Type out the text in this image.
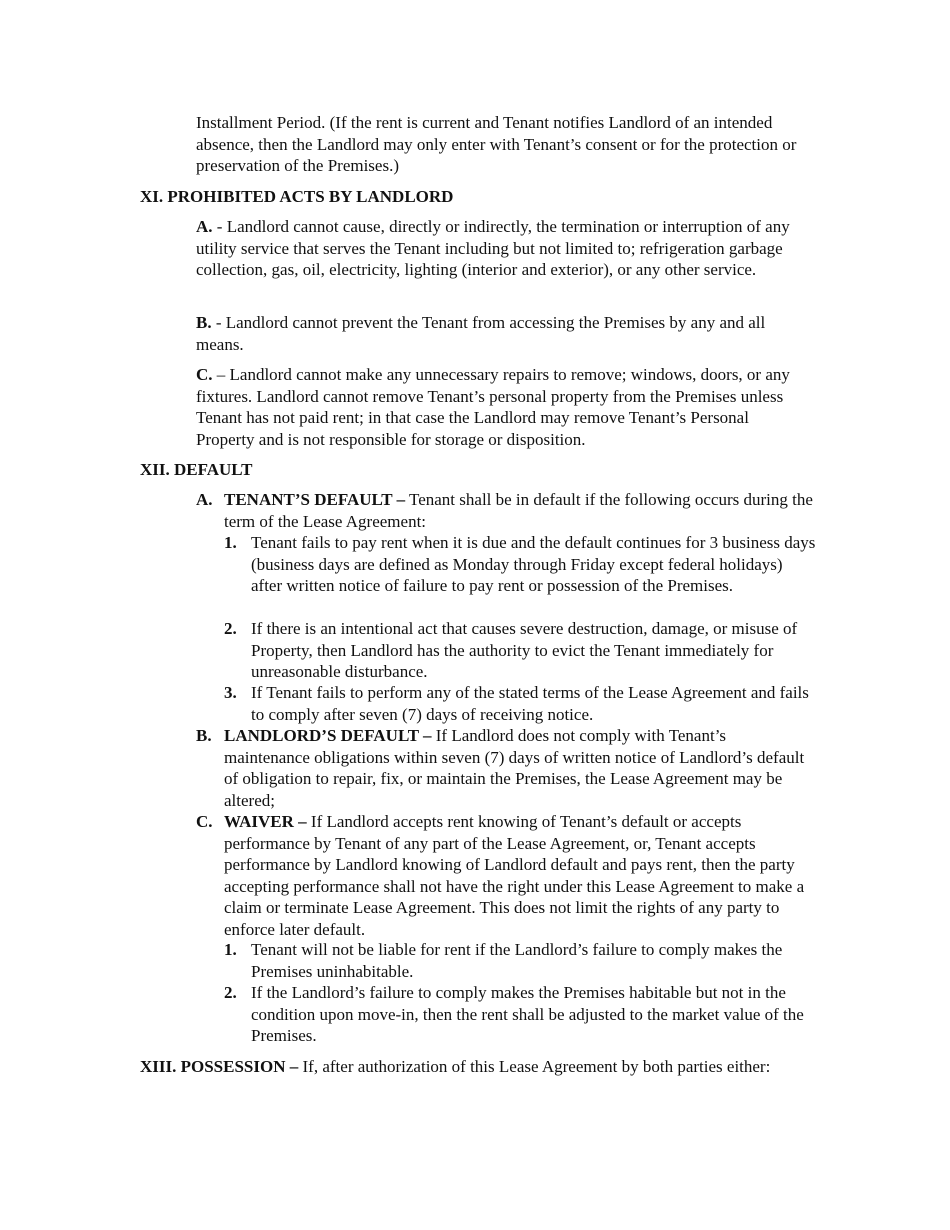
Installment Period. (If the rent is current and Tenant notifies Landlord of an intended absence, then the Landlord may only enter with Tenant’s consent or for the protection or preservation of the Premises.)

XI. PROHIBITED ACTS BY LANDLORD

A. - Landlord cannot cause, directly or indirectly, the termination or interruption of any utility service that serves the Tenant including but not limited to; refrigeration garbage collection, gas, oil, electricity, lighting (interior and exterior), or any other service.

B. - Landlord cannot prevent the Tenant from accessing the Premises by any and all means.

C. – Landlord cannot make any unnecessary repairs to remove; windows, doors, or any fixtures. Landlord cannot remove Tenant’s personal property from the Premises unless Tenant has not paid rent; in that case the Landlord may remove Tenant’s Personal Property and is not responsible for storage or disposition.

XII. DEFAULT
A. TENANT’S DEFAULT – Tenant shall be in default if the following occurs during the term of the Lease Agreement:

1. Tenant fails to pay rent when it is due and the default continues for 3 business days (business days are defined as Monday through Friday except federal holidays) after written notice of failure to pay rent or possession of the Premises.

2. If there is an intentional act that causes severe destruction, damage, or misuse of Property, then Landlord has the authority to evict the Tenant immediately for unreasonable disturbance.

3. If Tenant fails to perform any of the stated terms of the Lease Agreement and fails to comply after seven (7) days of receiving notice.

B. LANDLORD’S DEFAULT – If Landlord does not comply with Tenant’s maintenance obligations within seven (7) days of written notice of Landlord’s default of obligation to repair, fix, or maintain the Premises, the Lease Agreement may be altered;

C. WAIVER – If Landlord accepts rent knowing of Tenant’s default or accepts performance by Tenant of any part of the Lease Agreement, or, Tenant accepts performance by Landlord knowing of Landlord default and pays rent, then the party accepting performance shall not have the right under this Lease Agreement to make a claim or terminate Lease Agreement. This does not limit the rights of any party to enforce later default.

1. Tenant will not be liable for rent if the Landlord’s failure to comply makes the Premises uninhabitable.

2. If the Landlord’s failure to comply makes the Premises habitable but not in the condition upon move-in, then the rent shall be adjusted to the market value of the Premises.

XIII. POSSESSION – If, after authorization of this Lease Agreement by both parties either:
